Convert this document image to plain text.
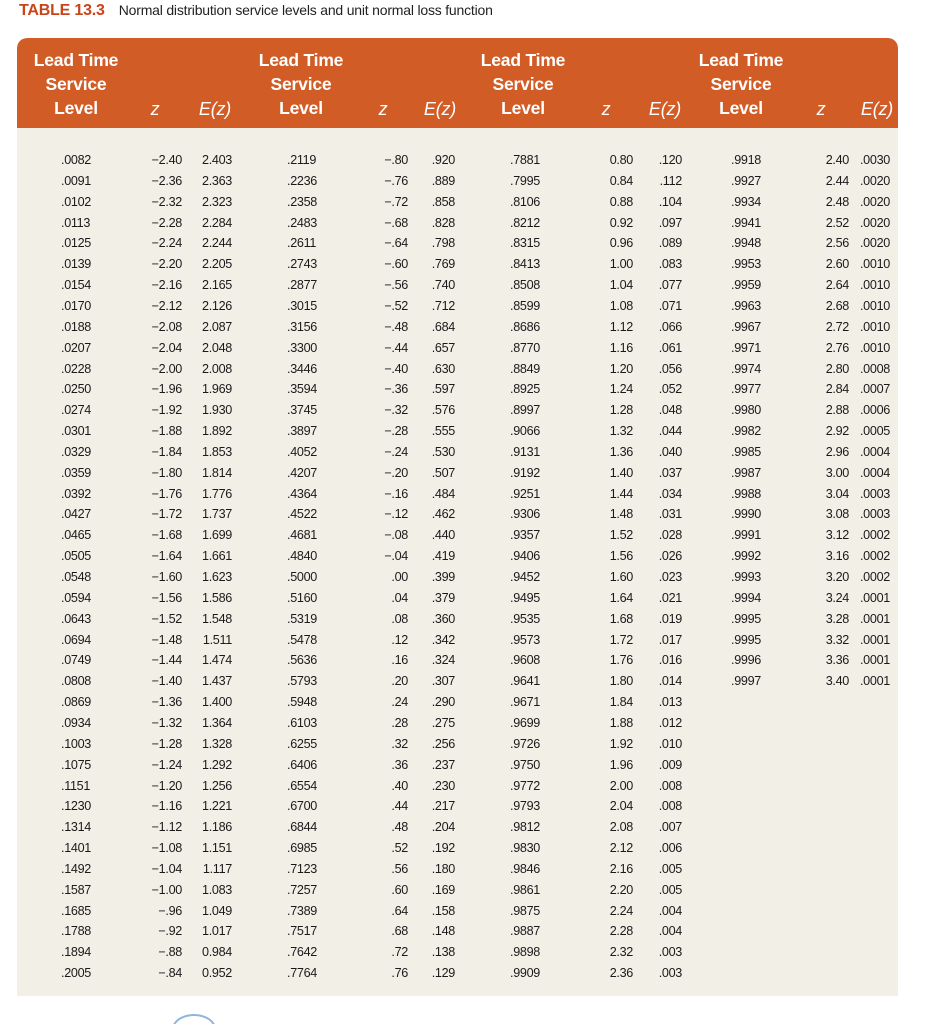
TABLE 13.3 Normal distribution service levels and unit normal loss function
Lead Time
Service
Level	z	E(z)
Lead Time
Service
Level	z	E(z)
Lead Time
Service
Level	z	E(z)
Lead Time
Service
Level	z	E(z)
.0082	−2.40 2.403	.2119	−.80 .920	.7881	0.80 .120	.9918	2.40 .0030
.0091	−2.36 2.363	.2236	−.76 .889	.7995	0.84 .112	.9927	2.44 .0020
.0102	−2.32 2.323	.2358	−.72 .858	.8106	0.88 .104	.9934	2.48 .0020
.0113	−2.28 2.284	.2483	−.68 .828	.8212	0.92 .097	.9941	2.52 .0020
.0125	−2.24 2.244	.2611	−.64 .798	.8315	0.96 .089	.9948	2.56 .0020
.0139	−2.20 2.205	.2743	−.60 .769	.8413	1.00 .083	.9953	2.60 .0010
.0154	−2.16 2.165	.2877	−.56 .740	.8508	1.04 .077	.9959	2.64 .0010
.0170	−2.12 2.126	.3015	−.52 .712	.8599	1.08 .071	.9963	2.68 .0010
.0188	−2.08 2.087	.3156	−.48 .684	.8686	1.12 .066	.9967	2.72 .0010
.0207	−2.04 2.048	.3300	−.44 .657	.8770	1.16 .061	.9971	2.76 .0010
.0228	−2.00 2.008	.3446	−.40 .630	.8849	1.20 .056	.9974	2.80 .0008
.0250	−1.96 1.969	.3594	−.36 .597	.8925	1.24 .052	.9977	2.84 .0007
.0274	−1.92 1.930	.3745	−.32 .576	.8997	1.28 .048	.9980	2.88 .0006
.0301	−1.88 1.892	.3897	−.28 .555	.9066	1.32 .044	.9982	2.92 .0005
.0329	−1.84 1.853	.4052	−.24 .530	.9131	1.36 .040	.9985	2.96 .0004
.0359	−1.80 1.814	.4207	−.20 .507	.9192	1.40 .037	.9987	3.00 .0004
.0392	−1.76 1.776	.4364	−.16 .484	.9251	1.44 .034	.9988	3.04 .0003
.0427	−1.72 1.737	.4522	−.12 .462	.9306	1.48 .031	.9990	3.08 .0003
.0465	−1.68 1.699	.4681	−.08 .440	.9357	1.52 .028	.9991	3.12 .0002
.0505	−1.64 1.661	.4840	−.04 .419	.9406	1.56 .026	.9992	3.16 .0002
.0548	−1.60 1.623	.5000	.00 .399	.9452	1.60 .023	.9993	3.20 .0002
.0594	−1.56 1.586	.5160	.04 .379	.9495	1.64 .021	.9994	3.24 .0001
.0643	−1.52 1.548	.5319	.08 .360	.9535	1.68 .019	.9995	3.28 .0001
.0694	−1.48 1.511	.5478	.12 .342	.9573	1.72 .017	.9995	3.32 .0001
.0749	−1.44 1.474	.5636	.16 .324	.9608	1.76 .016	.9996	3.36 .0001
.0808	−1.40 1.437	.5793	.20 .307	.9641	1.80 .014	.9997	3.40 .0001
.0869	−1.36 1.400	.5948	.24 .290	.9671	1.84 .013
.0934	−1.32 1.364	.6103	.28 .275	.9699	1.88 .012
.1003	−1.28 1.328	.6255	.32 .256	.9726	1.92 .010
.1075	−1.24 1.292	.6406	.36 .237	.9750	1.96 .009
.1151	−1.20 1.256	.6554	.40 .230	.9772	2.00 .008
.1230	−1.16 1.221	.6700	.44 .217	.9793	2.04 .008
.1314	−1.12 1.186	.6844	.48 .204	.9812	2.08 .007
.1401	−1.08 1.151	.6985	.52 .192	.9830	2.12 .006
.1492	−1.04 1.117	.7123	.56 .180	.9846	2.16 .005
.1587	−1.00 1.083	.7257	.60 .169	.9861	2.20 .005
.1685	−.96 1.049	.7389	.64 .158	.9875	2.24 .004
.1788	−.92 1.017	.7517	.68 .148	.9887	2.28 .004
.1894	−.88 0.984	.7642	.72 .138	.9898	2.32 .003
.2005	−.84 0.952	.7764	.76 .129	.9909	2.36 .003
